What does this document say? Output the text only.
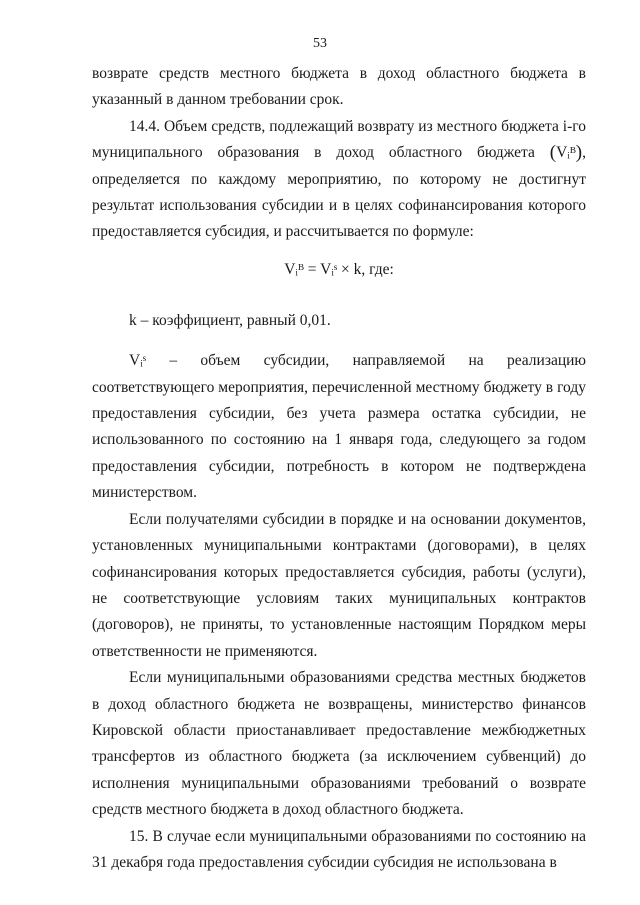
53

возврате средств местного бюджета в доход областного бюджета в указанный в данном требовании срок.

14.4. Объем средств, подлежащий возврату из местного бюджета i-го муниципального образования в доход областного бюджета (Vᵢᴮ), определяется по каждому мероприятию, по которому не достигнут результат использования субсидии и в целях софинансирования которого предоставляется субсидия, и рассчитывается по формуле:

Vᵢᴮ = Vᵢˢ × k, где:

k – коэффициент, равный 0,01.

Vᵢˢ – объем субсидии, направляемой на реализацию соответствующего мероприятия, перечисленной местному бюджету в году предоставления субсидии, без учета размера остатка субсидии, не использованного по состоянию на 1 января года, следующего за годом предоставления субсидии, потребность в котором не подтверждена министерством.

Если получателями субсидии в порядке и на основании документов, установленных муниципальными контрактами (договорами), в целях софинансирования которых предоставляется субсидия, работы (услуги), не соответствующие условиям таких муниципальных контрактов (договоров), не приняты, то установленные настоящим Порядком меры ответственности не применяются.

Если муниципальными образованиями средства местных бюджетов в доход областного бюджета не возвращены, министерство финансов Кировской области приостанавливает предоставление межбюджетных трансфертов из областного бюджета (за исключением субвенций) до исполнения муниципальными образованиями требований о возврате средств местного бюджета в доход областного бюджета.

15. В случае если муниципальными образованиями по состоянию на 31 декабря года предоставления субсидии субсидия не использована в
